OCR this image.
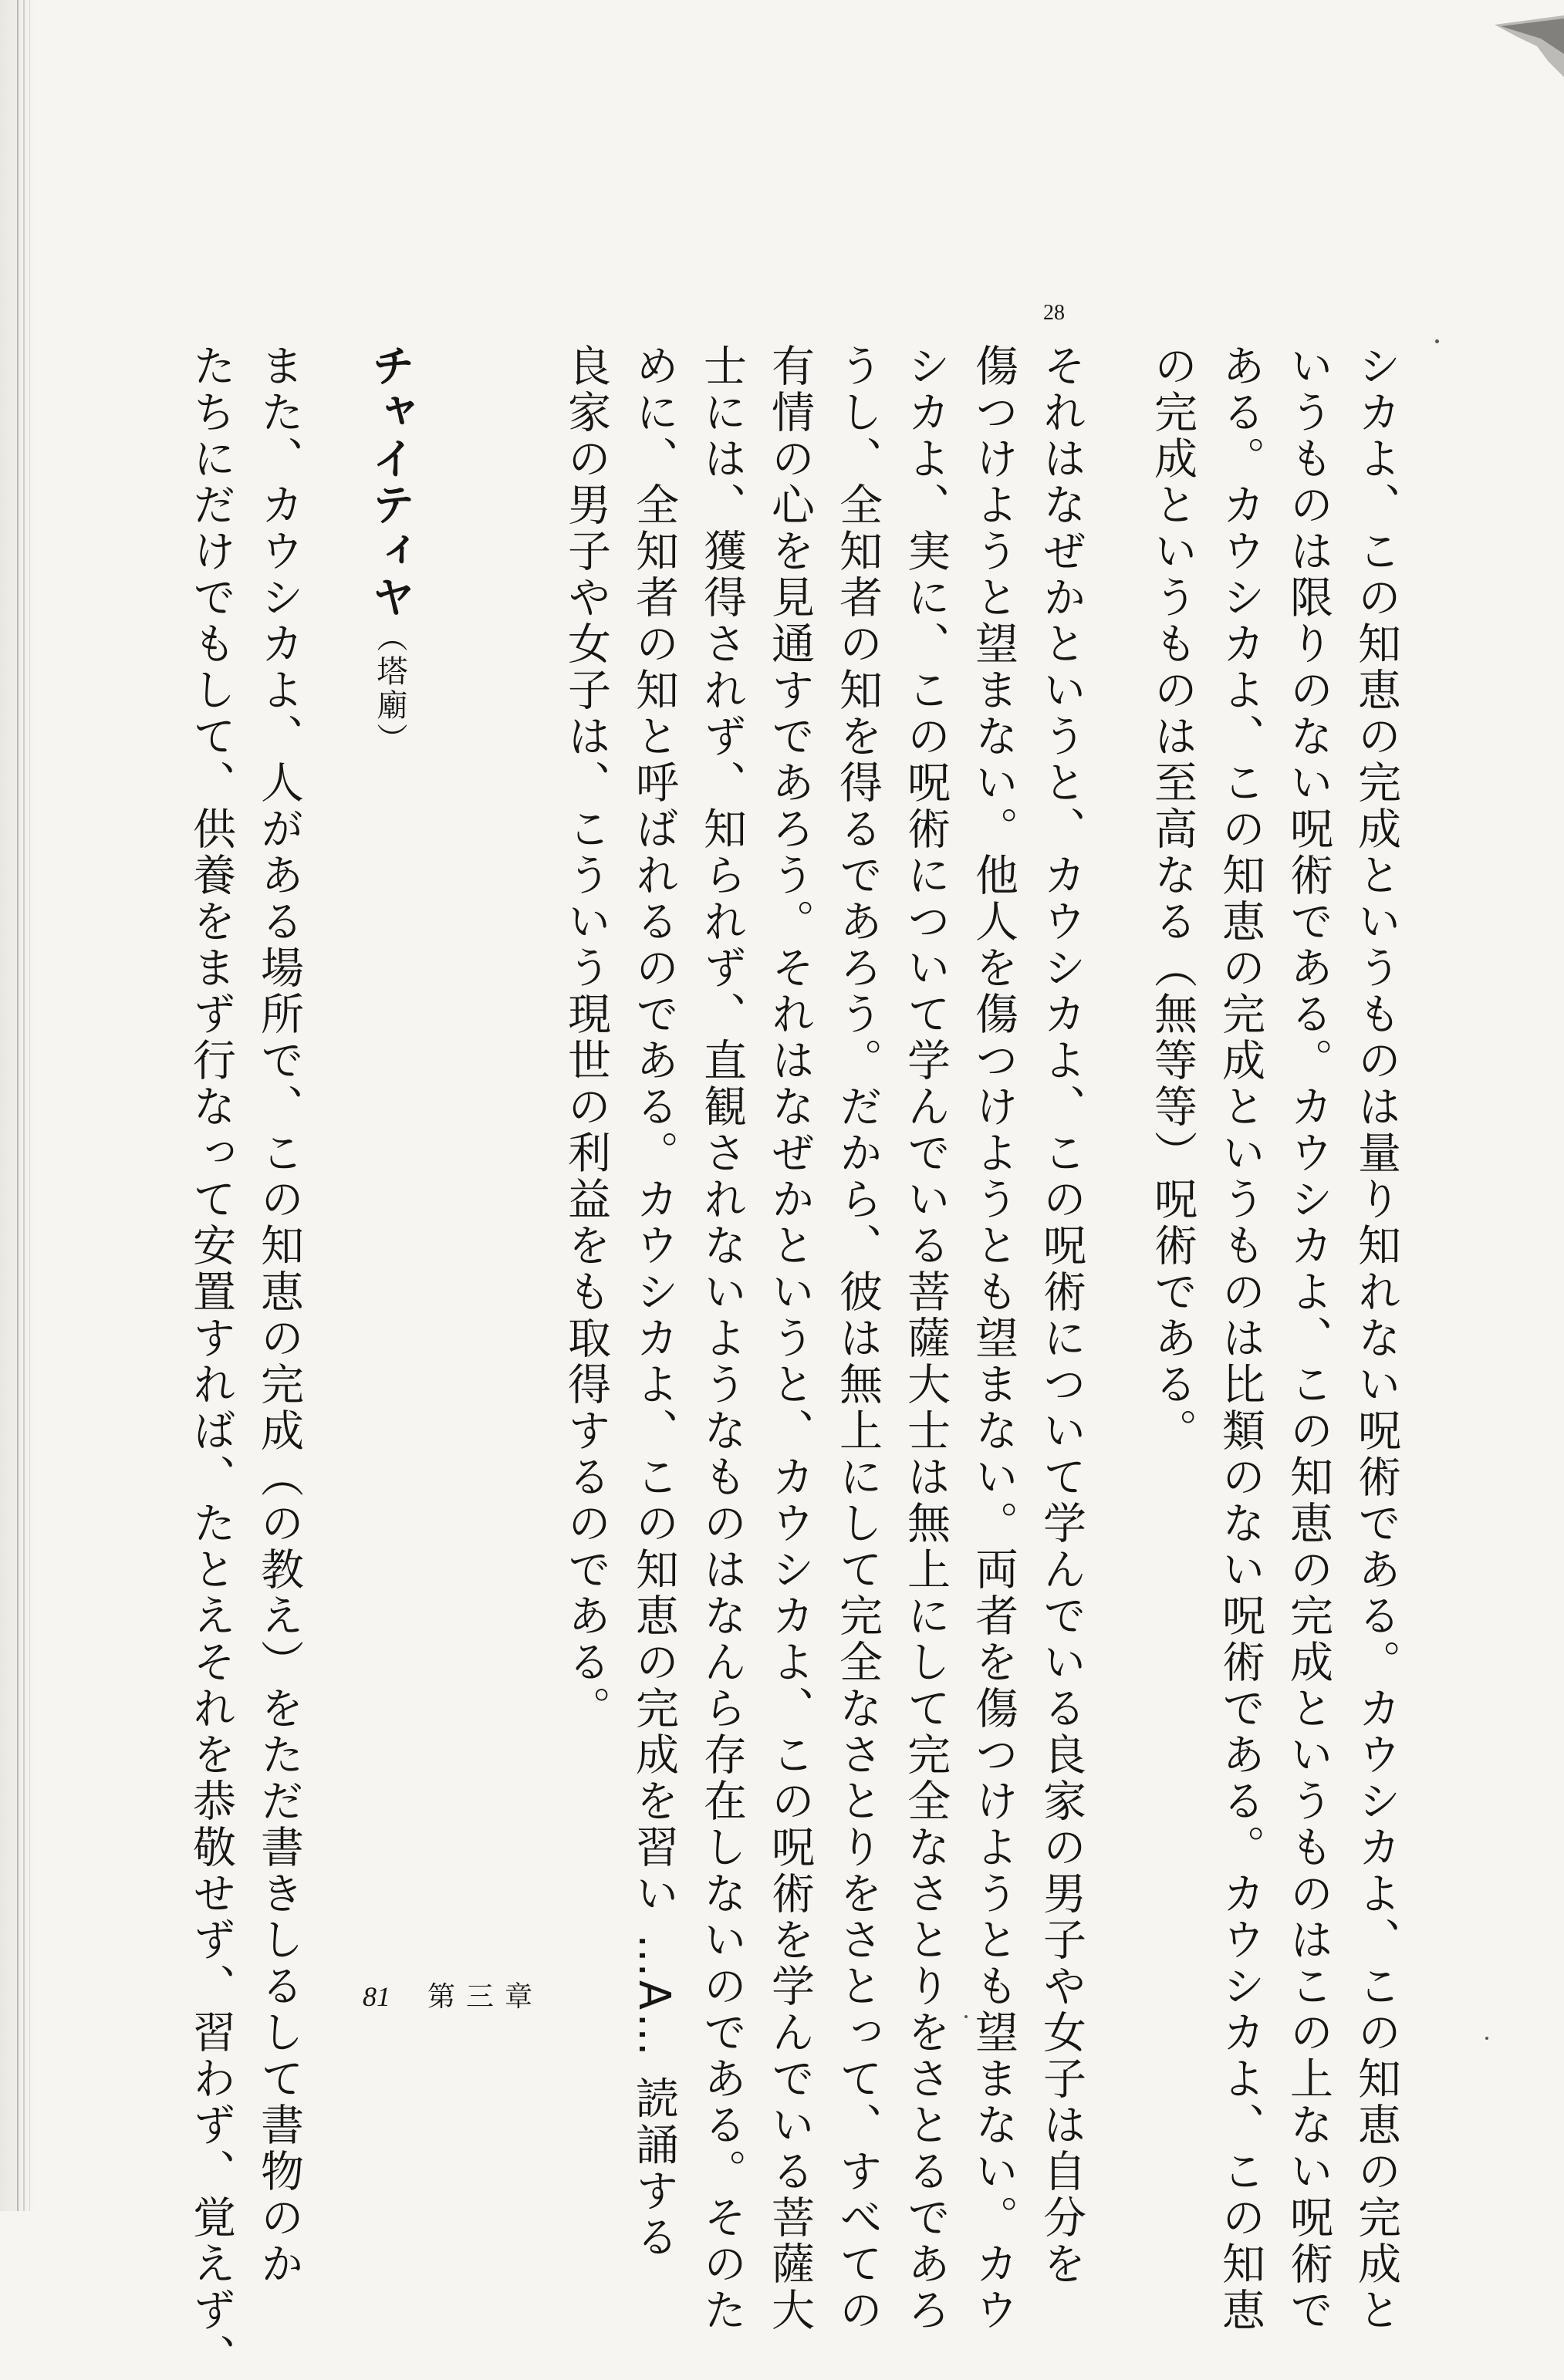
28

シカよ、この知恵の完成というものは量り知れない呪術である。カウシカよ、この知恵の完成と

いうものは限りのない呪術である。カウシカよ、この知恵の完成というものはこの上ない呪術で

ある。カウシカよ、この知恵の完成というものは比類のない呪術である。カウシカよ、この知恵

の完成というものは至高なる（無等等）呪術である。

それはなぜかというと、カウシカよ、この呪術について学んでいる良家の男子や女子は自分を

傷つけようと望まない。他人を傷つけようとも望まない。両者を傷つけようとも望まない。カウ

シカよ、実に、この呪術について学んでいる菩薩大士は無上にして完全なさとりをさとるであろ

うし、全知者の知を得るであろう。だから、彼は無上にして完全なさとりをさとって、すべての

有情の心を見通すであろう。それはなぜかというと、カウシカよ、この呪術を学んでいる菩薩大

士には、獲得されず、知られず、直観されないようなものはなんら存在しないのである。そのた

めに、全知者の知と呼ばれるのである。カウシカよ、この知恵の完成を習い …A… 読誦する

良家の男子や女子は、こういう現世の利益をも取得するのである。

チャイティヤ（塔廟）

また、カウシカよ、人がある場所で、この知恵の完成（の教え）をただ書きしるして書物のか

たちにだけでもして、供養をまず行なって安置すれば、たとえそれを恭敬せず、習わず、覚えず、	81 第三章
